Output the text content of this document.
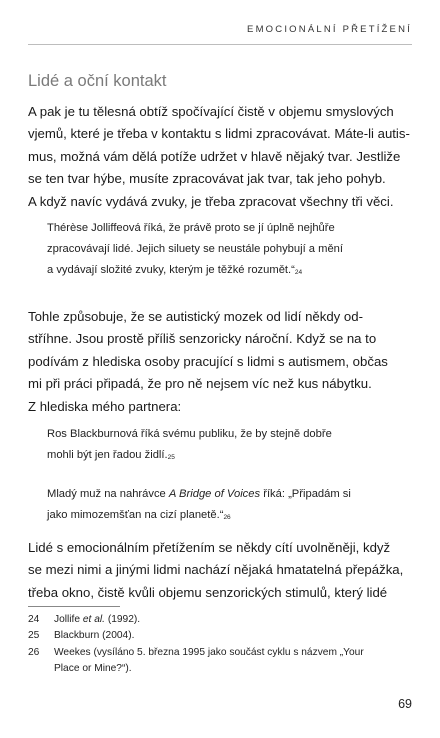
EMOCIONÁLNÍ PŘETÍŽENÍ
Lidé a oční kontakt

A pak je tu tělesná obtíž spočívající čistě v objemu smyslových
vjemů, které je třeba v kontaktu s lidmi zpracovávat. Máte-li autis-
mus, možná vám dělá potíže udržet v hlavě nějaký tvar. Jestliže
se ten tvar hýbe, musíte zpracovávat jak tvar, tak jeho pohyb.
A když navíc vydává zvuky, je třeba zpracovat všechny tři věci.

Thérèse Jolliffeová říká, že právě proto se jí úplně nejhůře
zpracovávají lidé. Jejich siluety se neustále pohybují a mění
a vydávají složité zvuky, kterým je těžké rozumět.“$^{24}$

Tohle způsobuje, že se autistický mozek od lidí někdy od-
stříhne. Jsou prostě příliš senzoricky nároční. Když se na to
podívám z hlediska osoby pracující s lidmi s autismem, občas
mi při práci připadá, že pro ně nejsem víc než kus nábytku.
Z hlediska mého partnera:

Ros Blackburnová říká svému publiku, že by stejně dobře
mohli být jen řadou židlí.$^{25}$

Mladý muž na nahrávce A Bridge of Voices říká: „Připadám si
jako mimozemšťan na cizí planetě.“$^{26}$

Lidé s emocionálním přetížením se někdy cítí uvolněněji, když
se mezi nimi a jinými lidmi nachází nějaká hmatatelná přepážka,
třeba okno, čistě kvůli objemu senzorických stimulů, který lidé

24	Jollife et al. (1992).
25	Blackburn (2004).
26	Weekes (vysíláno 5. března 1995 jako součást cyklu s názvem „Your
Place or Mine?“).
69
